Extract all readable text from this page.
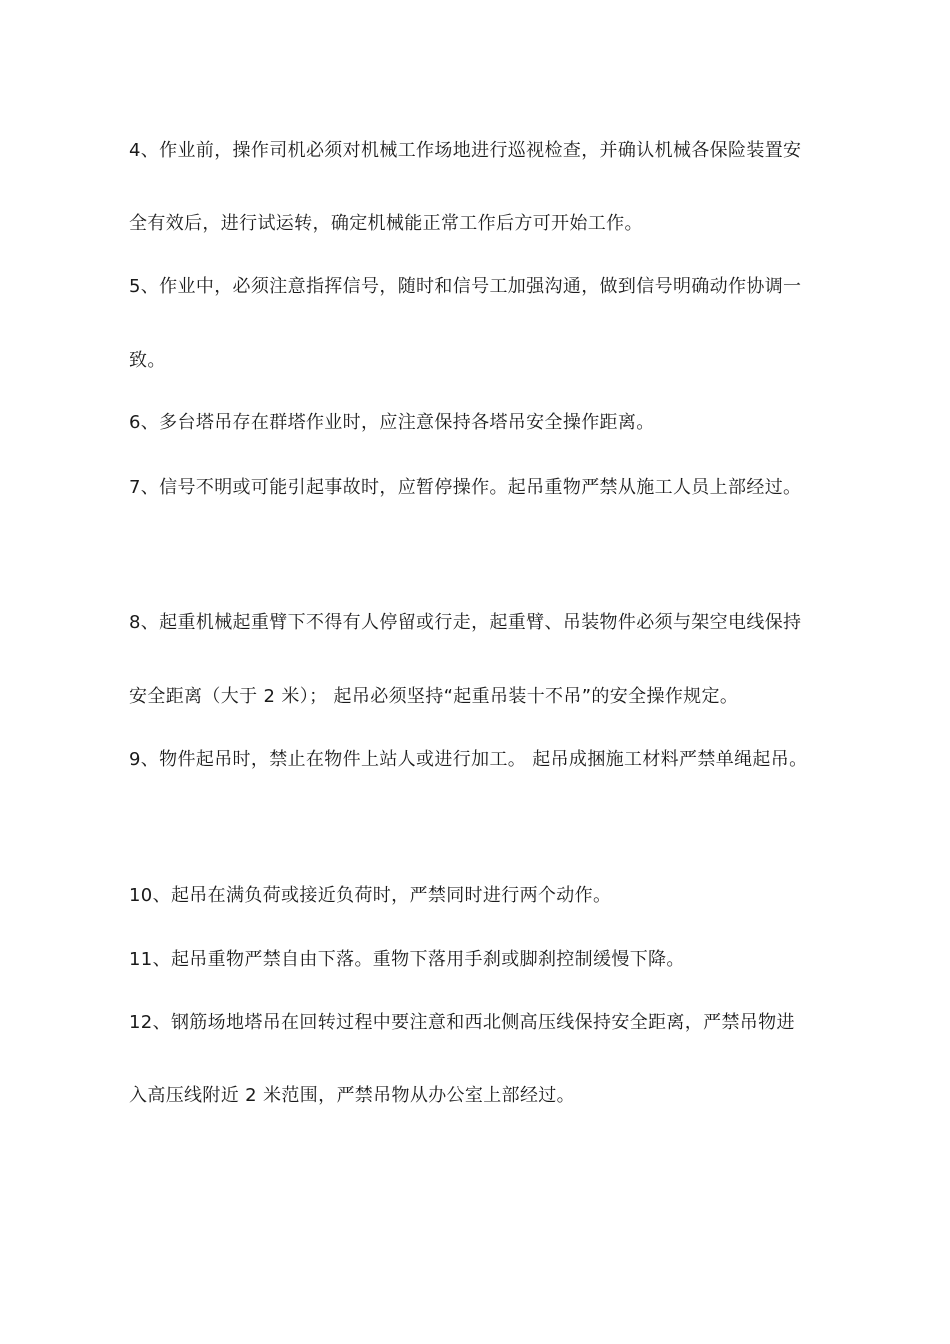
4、作业前，操作司机必须对机械工作场地进行巡视检查，并确认机械各保险装置安
全有效后，进行试运转，确定机械能正常工作后方可开始工作。
5、作业中，必须注意指挥信号，随时和信号工加强沟通，做到信号明确动作协调一
致。
6、多台塔吊存在群塔作业时，应注意保持各塔吊安全操作距离。
7、信号不明或可能引起事故时，应暂停操作。起吊重物严禁从施工人员上部经过。
8、起重机械起重臂下不得有人停留或行走，起重臂、吊装物件必须与架空电线保持
安全距离（大于 2 米）； 起吊必须坚持“起重吊装十不吊”的安全操作规定。
9、物件起吊时，禁止在物件上站人或进行加工。 起吊成捆施工材料严禁单绳起吊。
10、起吊在满负荷或接近负荷时，严禁同时进行两个动作。
11、起吊重物严禁自由下落。重物下落用手刹或脚刹控制缓慢下降。
12、钢筋场地塔吊在回转过程中要注意和西北侧高压线保持安全距离，严禁吊物进
入高压线附近 2 米范围，严禁吊物从办公室上部经过。
